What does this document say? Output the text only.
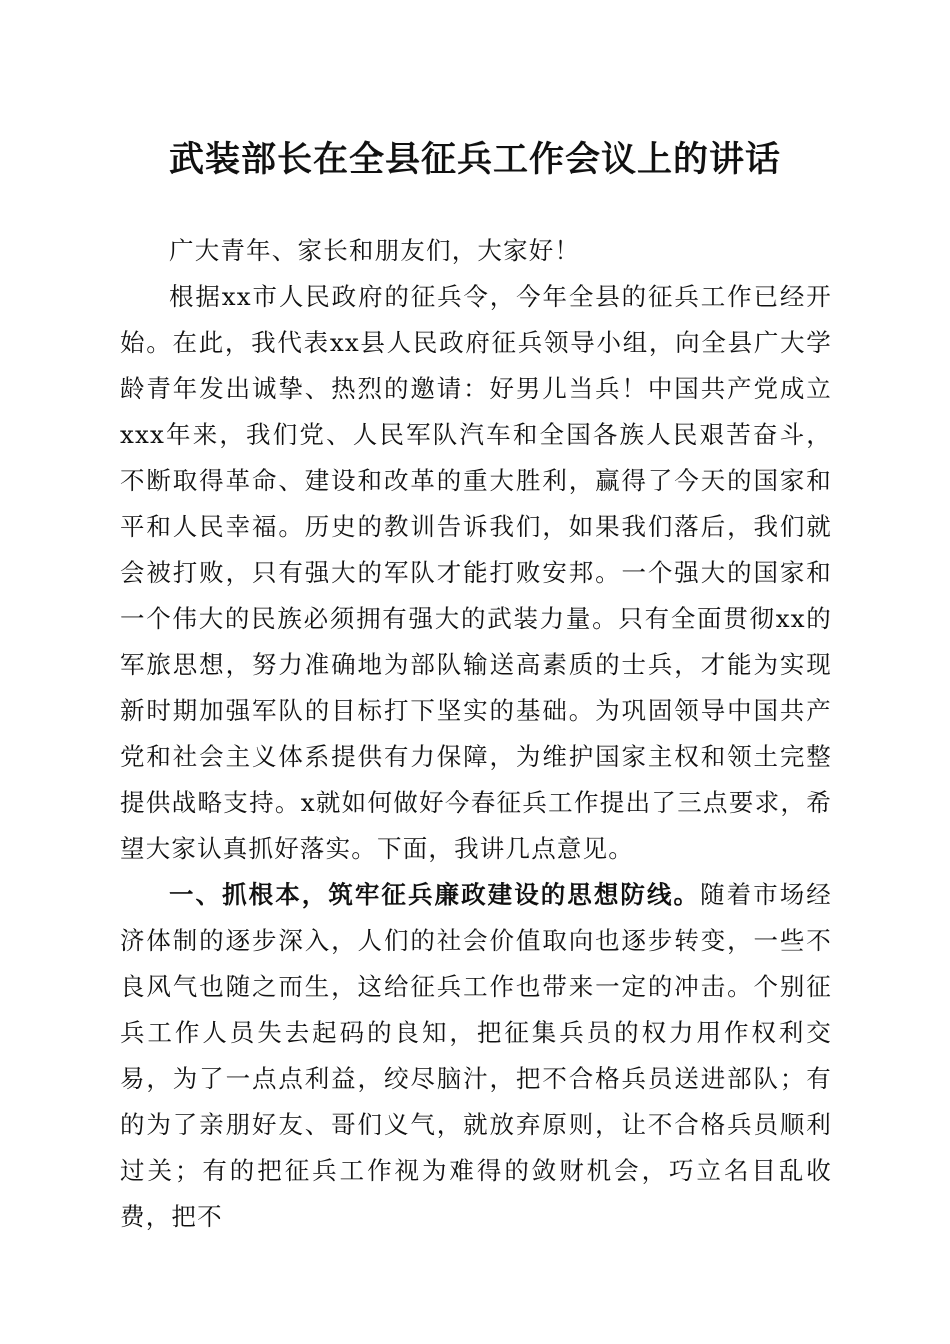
武装部长在全县征兵工作会议上的讲话

广大青年、家长和朋友们，大家好！

根据xx市人民政府的征兵令，今年全县的征兵工作已经开始。在此，我代表xx县人民政府征兵领导小组，向全县广大学龄青年发出诚挚、热烈的邀请：好男儿当兵！中国共产党成立xxx年来，我们党、人民军队汽车和全国各族人民艰苦奋斗，不断取得革命、建设和改革的重大胜利，赢得了今天的国家和平和人民幸福。历史的教训告诉我们，如果我们落后，我们就会被打败，只有强大的军队才能打败安邦。一个强大的国家和一个伟大的民族必须拥有强大的武装力量。只有全面贯彻xx的军旅思想，努力准确地为部队输送高素质的士兵，才能为实现新时期加强军队的目标打下坚实的基础。为巩固领导中国共产党和社会主义体系提供有力保障，为维护国家主权和领土完整提供战略支持。x就如何做好今春征兵工作提出了三点要求，希望大家认真抓好落实。下面，我讲几点意见。

一、抓根本，筑牢征兵廉政建设的思想防线。随着市场经济体制的逐步深入，人们的社会价值取向也逐步转变，一些不良风气也随之而生，这给征兵工作也带来一定的冲击。个别征兵工作人员失去起码的良知，把征集兵员的权力用作权利交易，为了一点点利益，绞尽脑汁，把不合格兵员送进部队；有的为了亲朋好友、哥们义气，就放弃原则，让不合格兵员顺利过关；有的把征兵工作视为难得的敛财机会，巧立名目乱收费，把不
